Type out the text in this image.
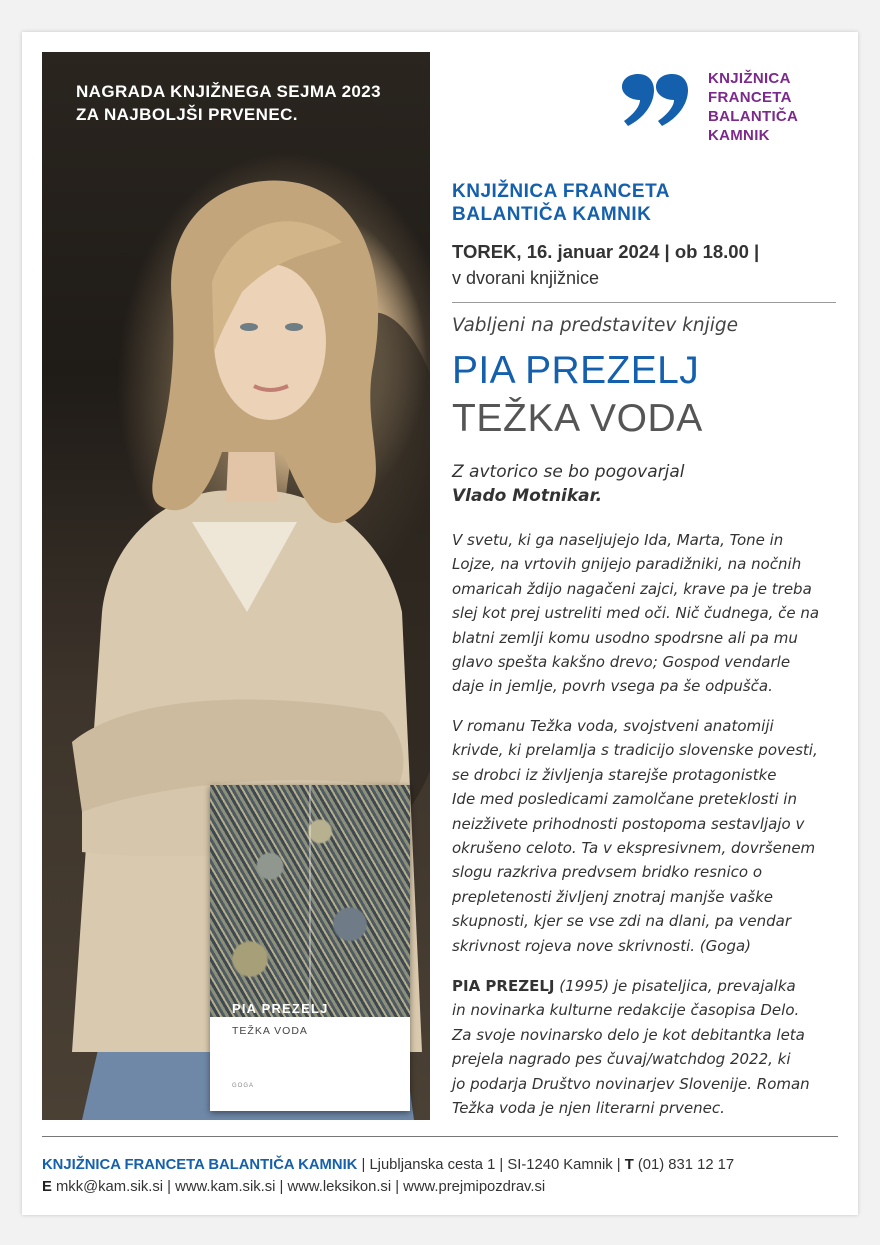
NAGRADA KNJIŽNEGA SEJMA 2023
ZA NAJBOLJŠI PRVENEC.
PIA PREZELJ
TEŽKA VODA
GOGA
KNJIŽNICA
FRANCETA
BALANTIČA
KAMNIK
KNJIŽNICA FRANCETA
BALANTIČA KAMNIK
TOREK, 16. januar 2024 | ob 18.00 |
v dvorani knjižnice
Vabljeni na predstavitev knjige
PIA PREZELJ
TEŽKA VODA
Z avtorico se bo pogovarjal
Vlado Motnikar.
V svetu, ki ga naseljujejo Ida, Marta, Tone in
Lojze, na vrtovih gnijejo paradižniki, na nočnih
omaricah ždijo nagačeni zajci, krave pa je treba
slej kot prej ustreliti med oči. Nič čudnega, če na
blatni zemlji komu usodno spodrsne ali pa mu
glavo spešta kakšno drevo; Gospod vendarle
daje in jemlje, povrh vsega pa še odpušča.
V romanu Težka voda, svojstveni anatomiji
krivde, ki prelamlja s tradicijo slovenske povesti,
se drobci iz življenja starejše protagonistke
Ide med posledicami zamolčane preteklosti in
neizživete prihodnosti postopoma sestavljajo v
okrušeno celoto. Ta v ekspresivnem, dovršenem
slogu razkriva predvsem bridko resnico o
prepletenosti življenj znotraj manjše vaške
skupnosti, kjer se vse zdi na dlani, pa vendar
skrivnost rojeva nove skrivnosti. (Goga)
PIA PREZELJ (1995) je pisateljica, prevajalka
in novinarka kulturne redakcije časopisa Delo.
Za svoje novinarsko delo je kot debitantka leta
prejela nagrado pes čuvaj/watchdog 2022, ki
jo podarja Društvo novinarjev Slovenije. Roman
Težka voda je njen literarni prvenec.
KNJIŽNICA FRANCETA BALANTIČA KAMNIK | Ljubljanska cesta 1 | SI-1240 Kamnik | T (01) 831 12 17
E mkk@kam.sik.si | www.kam.sik.si | www.leksikon.si | www.prejmipozdrav.si
